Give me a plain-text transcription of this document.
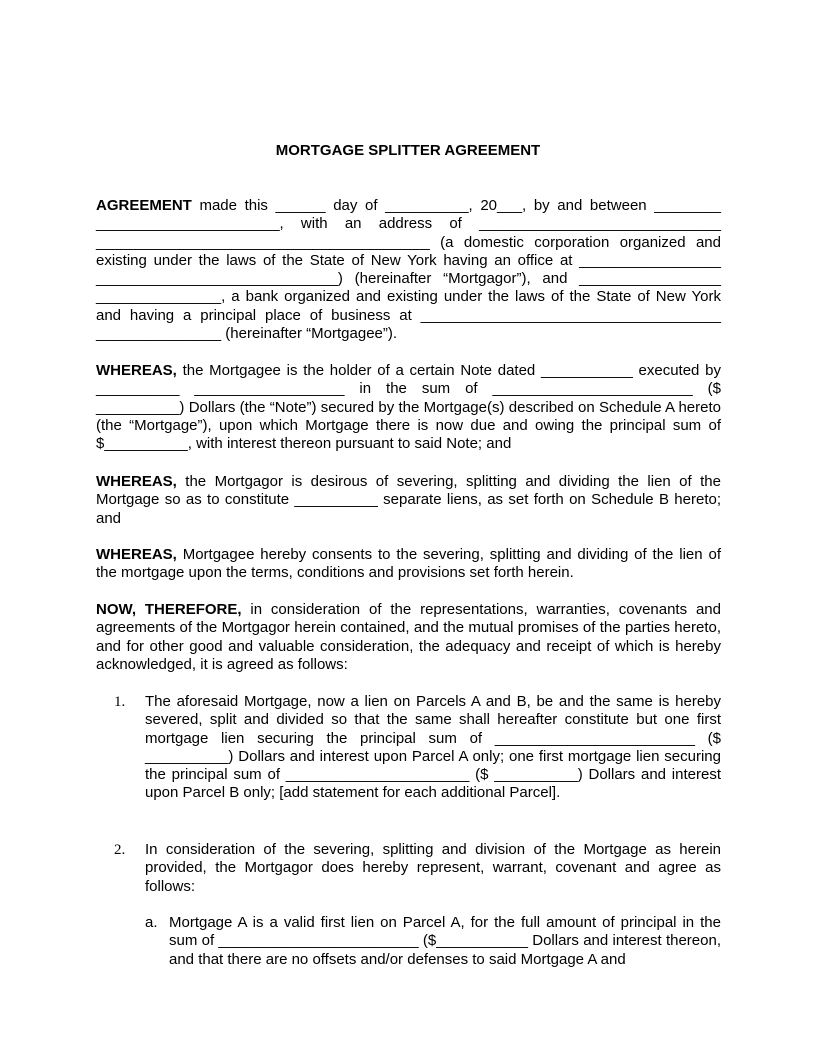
MORTGAGE SPLITTER AGREEMENT

AGREEMENT made this ______ day of __________, 20___, by and between ________ ______________________, with an address of _____________________________ ________________________________________ (a domestic corporation organized and existing under the laws of the State of New York having an office at _________________ _____________________________) (hereinafter “Mortgagor”), and _________________ _______________, a bank organized and existing under the laws of the State of New York and having a principal place of business at ____________________________________ _______________ (hereinafter “Mortgagee”).

WHEREAS, the Mortgagee is the holder of a certain Note dated ___________ executed by __________ __________________ in the sum of ________________________ ($ __________) Dollars (the “Note”) secured by the Mortgage(s) described on Schedule A hereto (the “Mortgage”), upon which Mortgage there is now due and owing the principal sum of $__________, with interest thereon pursuant to said Note; and

WHEREAS, the Mortgagor is desirous of severing, splitting and dividing the lien of the Mortgage so as to constitute __________ separate liens, as set forth on Schedule B hereto; and

WHEREAS, Mortgagee hereby consents to the severing, splitting and dividing of the lien of the mortgage upon the terms, conditions and provisions set forth herein.

NOW, THEREFORE, in consideration of the representations, warranties, covenants and agreements of the Mortgagor herein contained, and the mutual promises of the parties hereto, and for other good and valuable consideration, the adequacy and receipt of which is hereby acknowledged, it is agreed as follows:

1. The aforesaid Mortgage, now a lien on Parcels A and B, be and the same is hereby severed, split and divided so that the same shall hereafter constitute but one first mortgage lien securing the principal sum of ________________________ ($ __________) Dollars and interest upon Parcel A only; one first mortgage lien securing the principal sum of ______________________ ($ __________) Dollars and interest upon Parcel B only; [add statement for each additional Parcel].
2. In consideration of the severing, splitting and division of the Mortgage as herein provided, the Mortgagor does hereby represent, warrant, covenant and agree as follows:
a. Mortgage A is a valid first lien on Parcel A, for the full amount of principal in the sum of ________________________ ($___________ Dollars and interest thereon, and that there are no offsets and/or defenses to said Mortgage A and
